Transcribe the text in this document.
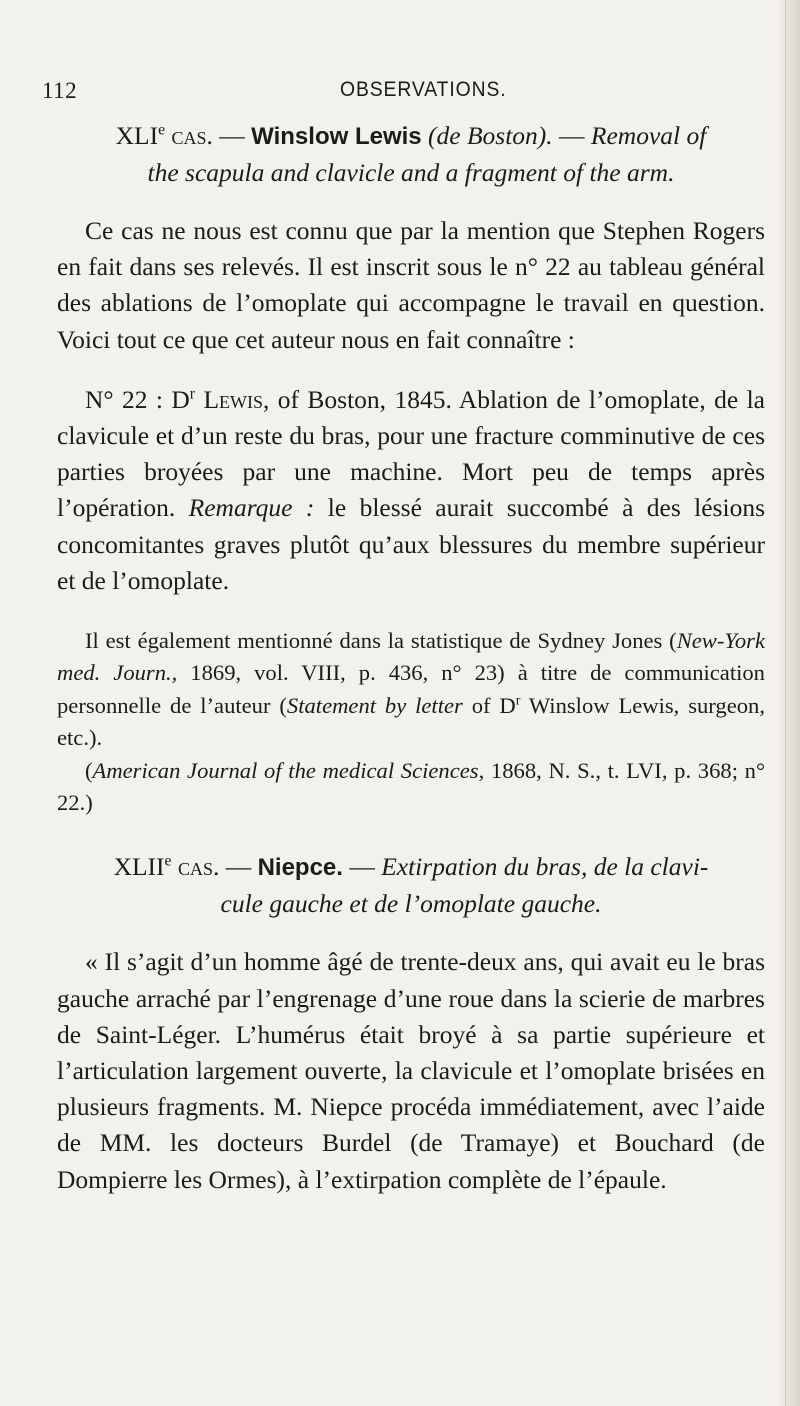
112	OBSERVATIONS.
XLIe cas. — Winslow Lewis (de Boston). — Removal of
the scapula and clavicle and a fragment of the arm.

Ce cas ne nous est connu que par la mention que Stephen Rogers en fait dans ses relevés. Il est inscrit sous le n° 22 au tableau général des ablations de l’omoplate qui accompagne le travail en question. Voici tout ce que cet auteur nous en fait connaître :

N° 22 : $D^r$ Lewis, of Boston, 1845. Ablation de l’omoplate, de la clavicule et d’un reste du bras, pour une fracture comminutive de ces parties broyées par une machine. Mort peu de temps après l’opération. Remarque : le blessé aurait succombé à des lésions concomitantes graves plutôt qu’aux blessures du membre supérieur et de l’omoplate.

Il est également mentionné dans la statistique de Sydney Jones (New-York med. Journ., 1869, vol. VIII, p. 436, n° 23) à titre de communication personnelle de l’auteur (Statement by letter of $D^r$ Winslow Lewis, surgeon, etc.).

(American Journal of the medical Sciences, 1868, N. S., t. LVI, p. 368; n° 22.)

XLIIe cas. — Niepce. — Extirpation du bras, de la clavi-
cule gauche et de l’omoplate gauche.

« Il s’agit d’un homme âgé de trente-deux ans, qui avait eu le bras gauche arraché par l’engrenage d’une roue dans la scierie de marbres de Saint-Léger. L’humérus était broyé à sa partie supérieure et l’articulation largement ouverte, la clavicule et l’omoplate brisées en plusieurs fragments. M. Niepce procéda immédiatement, avec l’aide de MM. les docteurs Burdel (de Tramaye) et Bouchard (de Dompierre les Ormes), à l’extirpation complète de l’épaule.
